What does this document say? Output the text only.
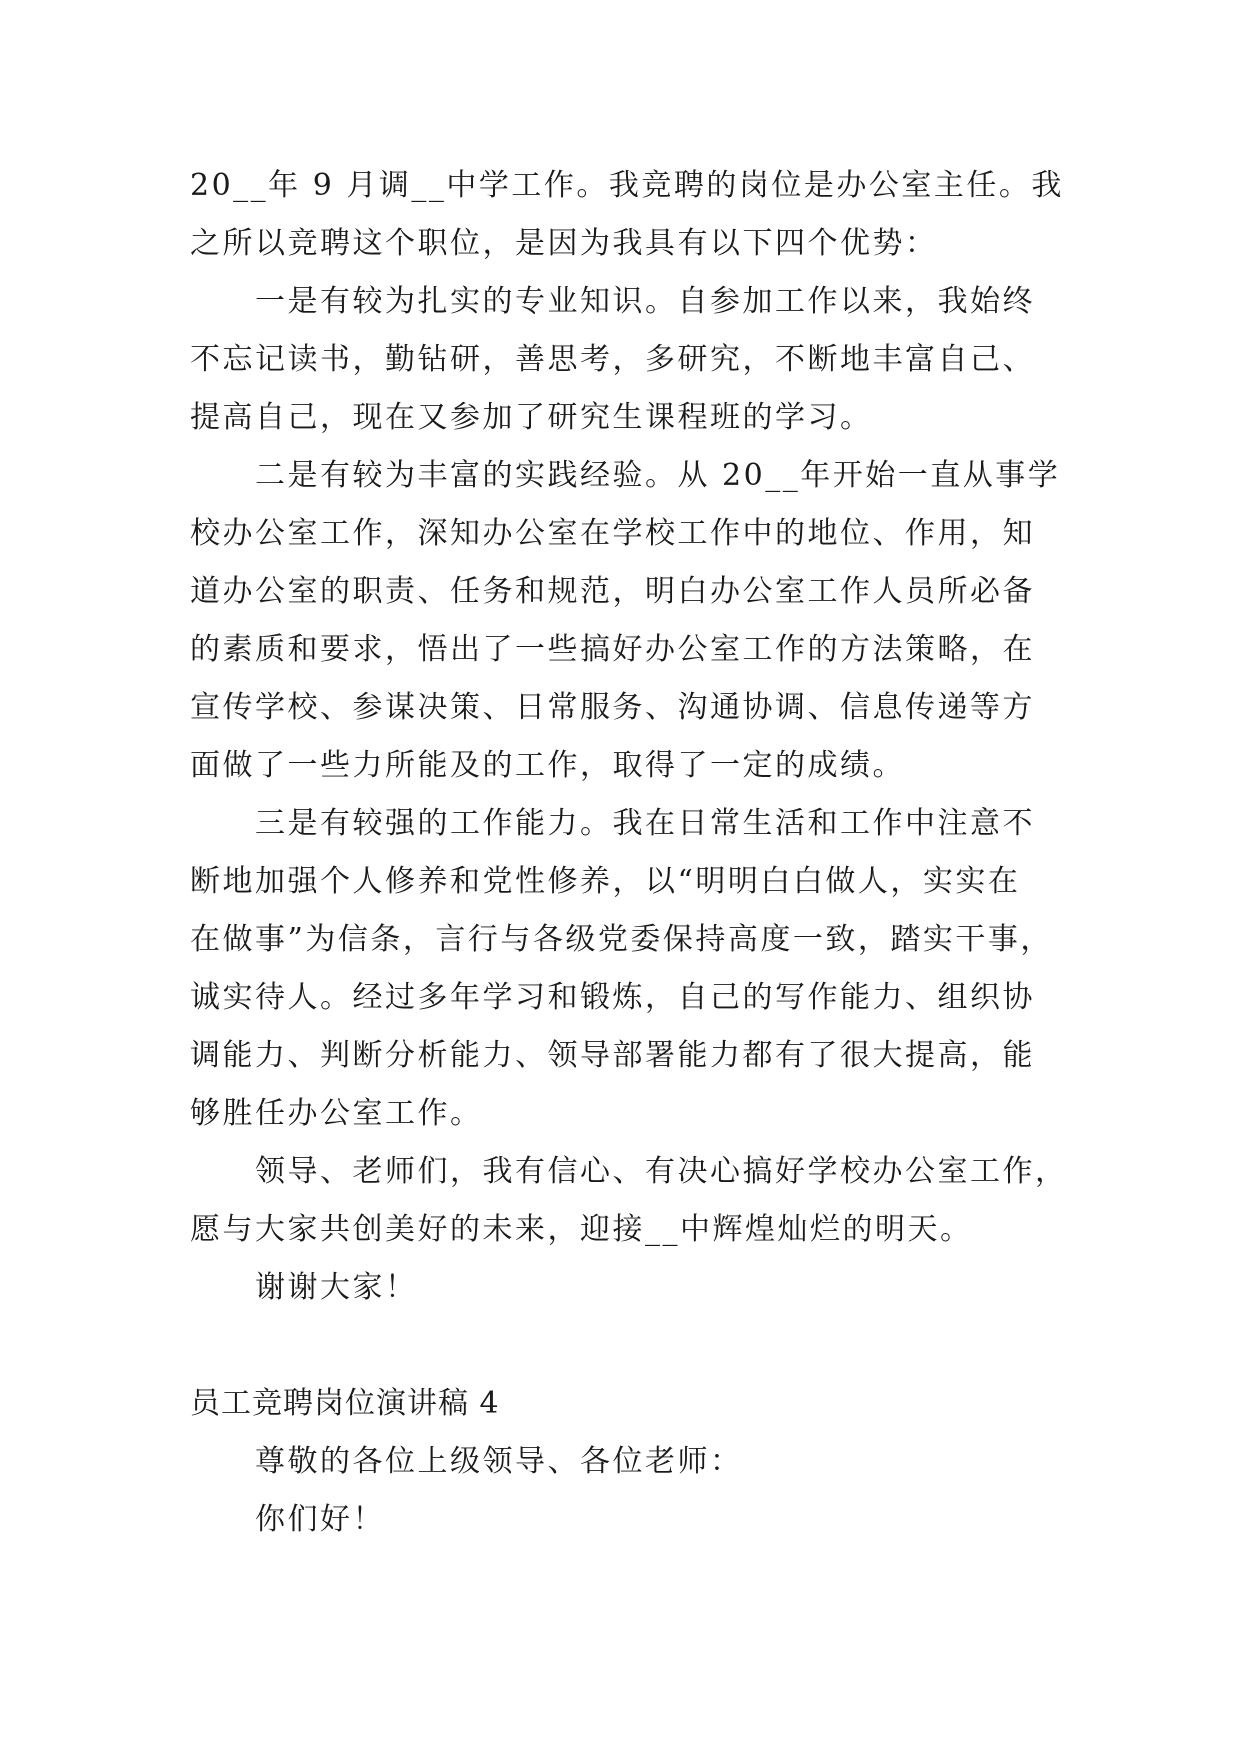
20__年 9 月调__中学工作。我竞聘的岗位是办公室主任。我

之所以竞聘这个职位，是因为我具有以下四个优势：

一是有较为扎实的专业知识。自参加工作以来，我始终

不忘记读书，勤钻研，善思考，多研究，不断地丰富自己、

提高自己，现在又参加了研究生课程班的学习。

二是有较为丰富的实践经验。从 20__年开始一直从事学

校办公室工作，深知办公室在学校工作中的地位、作用，知

道办公室的职责、任务和规范，明白办公室工作人员所必备

的素质和要求，悟出了一些搞好办公室工作的方法策略，在

宣传学校、参谋决策、日常服务、沟通协调、信息传递等方

面做了一些力所能及的工作，取得了一定的成绩。

三是有较强的工作能力。我在日常生活和工作中注意不

断地加强个人修养和党性修养，以“明明白白做人，实实在

在做事”为信条，言行与各级党委保持高度一致，踏实干事，

诚实待人。经过多年学习和锻炼，自己的写作能力、组织协

调能力、判断分析能力、领导部署能力都有了很大提高，能

够胜任办公室工作。

领导、老师们，我有信心、有决心搞好学校办公室工作，

愿与大家共创美好的未来，迎接__中辉煌灿烂的明天。

谢谢大家！

员工竞聘岗位演讲稿 4

尊敬的各位上级领导、各位老师：

你们好！
